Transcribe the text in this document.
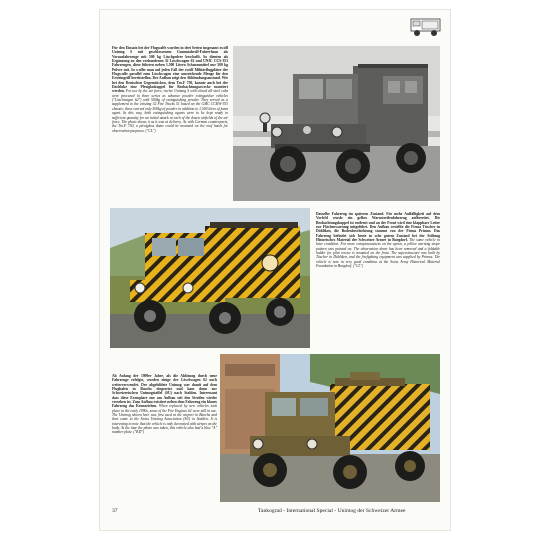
Für den Einsatz bei der Flugwaffe wurden in drei Serien insgesamt zwölf Unimog S mit geschlossenem Gummiabroll-Fahrerhaus als Vorausfahrzeuge mit 500 kg Löschpulver beschafft. So dienten als Ergänzung zu den vorhandenen 32 Löschwagen 62 und UNIC CCS-353 Fahrzeugen, diese führten neben 1.500 Litern Schaummittel nur 500 kg Pulver mit. So wollte man auf jeden Fall der zwölf Militärflugplätze der Flugwaffe parallel zum Löschwagen eine ausreichende Menge für den Ersteingriff bereitstellen. Der Aufbau zeigt den Abblendungszustand. Wie bei den Deutschen Gegenstücken, dem Tro.F 750, konnte auch bei der Dachluke eine Plexiglaskuppel für Beobachtungszwecke montiert werden. For use by the air force, twelve Unimog S with closed all-steel cabs were procured in three series as advance powder extinguisher vehicles ("Löschwagen 62") with 500kg of extinguishing powder. They served as a supplement to the existing 32 Fire Trucks 51 based on the GMC CCKW-353 chassis; these carried only 500kg of powder in addition to 1,500 litres of foam agent. In this way, both extinguishing agents were to be kept ready in sufficient quantity for an initial attack at each of the dozen airfields of the air force. The photo shows it as it was at delivery. As with German counterparts, the Tro.F 750, a plexiglass dome could be mounted on the roof hatch for observation purposes. ("CL")
Dasselbe Fahrzeug im späteren Zustand. Für mehr Auffälligkeit auf dem Vorfeld wurde ein gelbes Warnstreifenfahrzeug aufbereitet. Die Beobachtungskuppel ist entfernt und an der Front wird eine klappbare Leiter zur Flächenwartung mitgeführt. Den Aufbau erstellte die Firma Tüscher in Dübliken, die Bodenbeschichtung stammt von der Firma Primus. Das Fahrzeug befindet sich heute in sehr gutem Zustand bei der Stiftung Historisches Material der Schweizer Armee in Burgdorf. The same vehicle in later condition. For more conspicuousness on the apron, a yellow warning stripe pattern was painted on. The observation dome has been removed and a foldable ladder for pilot rescue is mounted on the front. The superstructure was built by Tüscher in Dübliken, and the firefighting equipment was supplied by Primus. The vehicle is now in very good condition at the Swiss Army Historical Material Foundation in Burgdorf. ("CL")
Ab Anfang der 1990er Jahre, als die Ablösung durch neue Fahrzeuge erfolgte, wurden einige der Löschwagen 62 noch weiterverwendet. Der abgebildete Unimog war damit auf dem Flughafen in Buochs eingesetzt und kam dann zur Schweizerischen Unimogstaffel (SU) nach Stalden. Interessant dass diese Exemplare nur am Aufbau seit den Streifen wieder versehen ist. Zum Aufbau existiert neben dem Fahrzeug ein blaues Fahrzeug das Kennzeichen. When replaced by new vehicles took place in the early 1990s, some of the Fire Engines 62 were still in use. The Unimog shown here was first used at the airport in Buochs and then came to the Swiss Unimog Association (SU) in Stalden. It is interesting to note that the vehicle is only decorated with stripes on the body. At the time the photo was taken, this vehicle also had a blue "A" number plate. ("KD")
37	Tankograd - International Special - Unimog der Schweizer Armee
